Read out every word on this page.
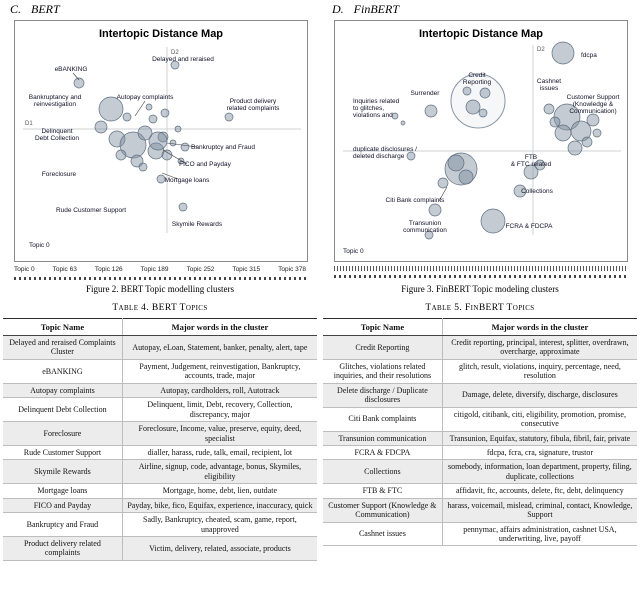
C. BERT	D. FinBERT
Intertopic Distance Map
D2
D1
eBANKING
Delayed and reraised
Bankruptancy and reinvestigation
Autopay complaints
Product delivery related complaints
Delinquent Debt Collection
Bankruptcy and Fraud
FICO and Payday
Foreclosure
Mortgage loans
Rude Customer Support
Skymile Rewards
Topic 0
Topic 0	Topic 63	Topic 126	Topic 189	Topic 252	Topic 315	Topic 378
Figure 2. BERT Topic modelling clusters
Intertopic Distance Map
D2
fdcpa
Credit Reporting
Surrender
Cashnet issues
Customer Support (Knowledge & Communication)
Inquiries related to glitches, violations and
duplicate disclosures / deleted discharge	FTB & FTC related
Collections
Citi Bank complaints
FCRA & FDCPA
Transunion communication
Topic 0
Figure 3. FinBERT Topic modeling clusters
Table 4. BERT Topics
Topic Name	Major words in the cluster
Delayed and reraised Complaints Cluster	Autopay, eLoan, Statement, banker, penalty, alert, tape
eBANKING	Payment, Judgement, reinvestigation, Bankruptcy, accounts, trade, major
Autopay complaints	Autopay, cardholders, roll, Autotrack
Delinquent Debt Collection	Delinquent, limit, Debt, recovery, Collection, discrepancy, major
Foreclosure	Foreclosure, Income, value, preserve, equity, deed, specialist
Rude Customer Support	dialler, harass, rude, talk, email, recipient, lot
Skymile Rewards	Airline, signup, code, advantage, bonus, Skymiles, eligibility
Mortgage loans	Mortgage, home, debt, lien, outdate
FICO and Payday	Payday, bike, fico, Equifax, experience, inaccuracy, quick
Bankruptcy and Fraud	Sadly, Bankruptcy, cheated, scam, game, report, unapproved
Product delivery related complaints	Victim, delivery, related, associate, products
Table 5. FinBERT Topics
Topic Name	Major words in the cluster
Credit Reporting	Credit reporting, principal, interest, splitter, overdrawn, overcharge, approximate
Glitches, violations related inquiries, and their resolutions	glitch, result, violations, inquiry, percentage, need, resolution
Delete discharge / Duplicate disclosures	Damage, delete, diversify, discharge, disclosures
Citi Bank complaints	citigold, citibank, citi, eligibility, promotion, promise, consecutive
Transunion communication	Transunion, Equifax, statutory, fibula, fibril, fair, private
FCRA & FDCPA	fdcpa, fcra, cra, signature, trustor
Collections	somebody, information, loan department, property, filing, duplicate, collections
FTB & FTC	affidavit, ftc, accounts, delete, ftc, debt, delinquency
Customer Support (Knowledge & Communication)	harass, voicemail, mislead, criminal, contact, Knowledge, Support
Cashnet issues	pennymac, affairs administration, cashnet USA, underwriting, live, payoff
